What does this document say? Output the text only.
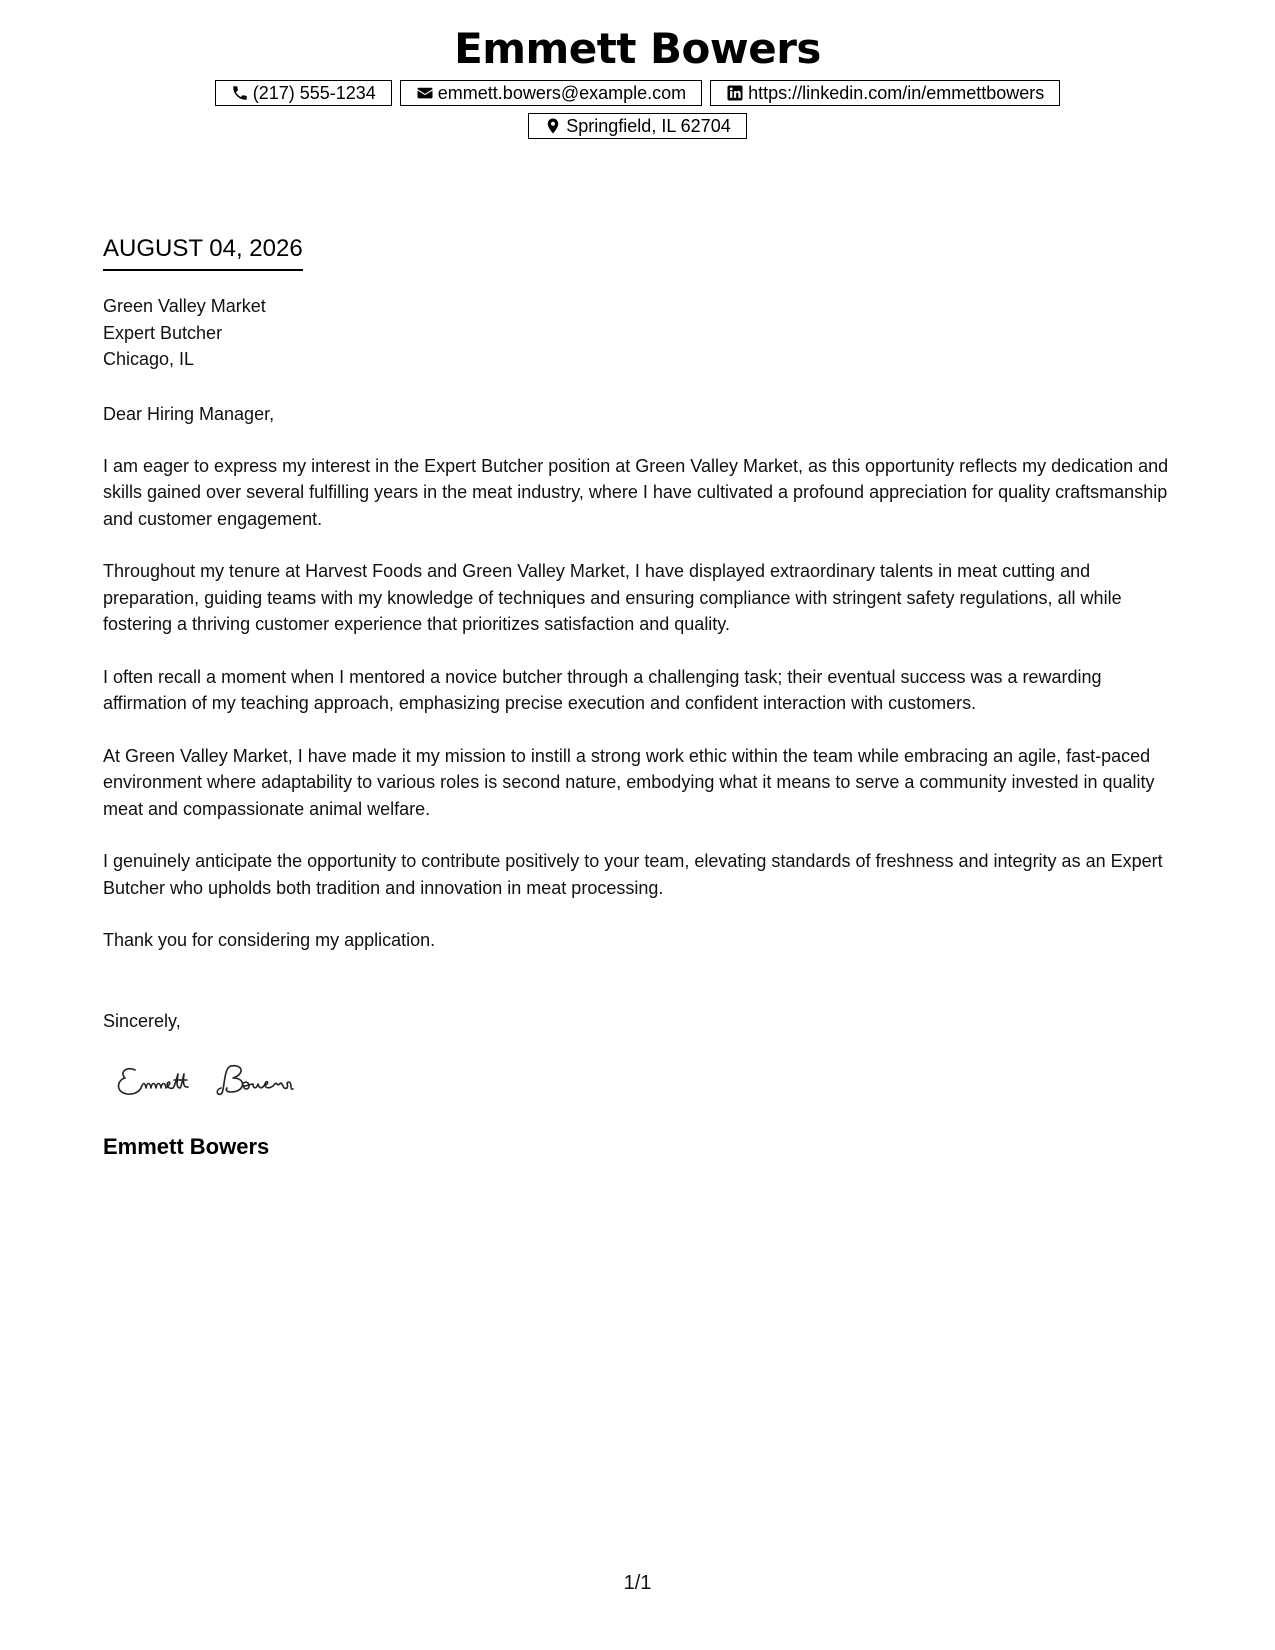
Emmett Bowers
(217) 555-1234	emmett.bowers@example.com	https://linkedin.com/in/emmettbowers
Springfield, IL 62704
AUGUST 04, 2026
Green Valley Market
Expert Butcher
Chicago, IL
Dear Hiring Manager,

I am eager to express my interest in the Expert Butcher position at Green Valley Market, as this opportunity reflects my dedication and skills gained over several fulfilling years in the meat industry, where I have cultivated a profound appreciation for quality craftsmanship and customer engagement.

Throughout my tenure at Harvest Foods and Green Valley Market, I have displayed extraordinary talents in meat cutting and preparation, guiding teams with my knowledge of techniques and ensuring compliance with stringent safety regulations, all while fostering a thriving customer experience that prioritizes satisfaction and quality.

I often recall a moment when I mentored a novice butcher through a challenging task; their eventual success was a rewarding affirmation of my teaching approach, emphasizing precise execution and confident interaction with customers.

At Green Valley Market, I have made it my mission to instill a strong work ethic within the team while embracing an agile, fast-paced environment where adaptability to various roles is second nature, embodying what it means to serve a community invested in quality meat and compassionate animal welfare.

I genuinely anticipate the opportunity to contribute positively to your team, elevating standards of freshness and integrity as an Expert Butcher who upholds both tradition and innovation in meat processing.

Thank you for considering my application.

Sincerely,
Emmett Bowers
1/1
